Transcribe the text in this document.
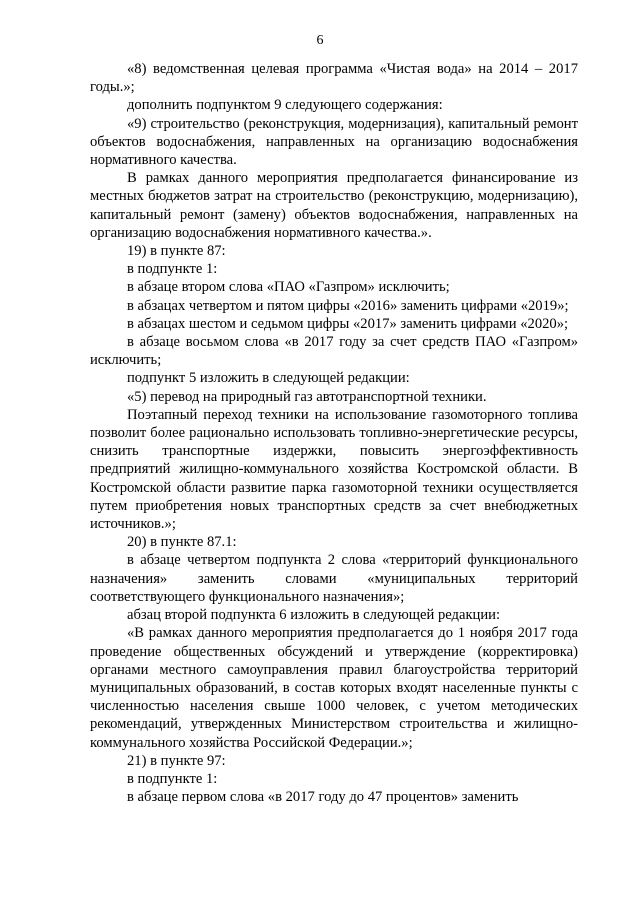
6

«8) ведомственная целевая программа «Чистая вода» на 2014 – 2017 годы.»;

дополнить подпунктом 9 следующего содержания:

«9) строительство (реконструкция, модернизация), капитальный ремонт объектов водоснабжения, направленных на организацию водоснабжения нормативного качества.

В рамках данного мероприятия предполагается финансирование из местных бюджетов затрат на строительство (реконструкцию, модернизацию), капитальный ремонт (замену) объектов водоснабжения, направленных на организацию водоснабжения нормативного качества.».

19) в пункте 87:

в подпункте 1:

в абзаце втором слова «ПАО «Газпром» исключить;

в абзацах четвертом и пятом цифры «2016» заменить цифрами «2019»;

в абзацах шестом и седьмом цифры «2017» заменить цифрами «2020»;

в абзаце восьмом слова «в 2017 году за счет средств ПАО «Газпром» исключить;

подпункт 5 изложить в следующей редакции:

«5) перевод на природный газ автотранспортной техники.

Поэтапный переход техники на использование газомоторного топлива позволит более рационально использовать топливно-энергетические ресурсы, снизить транспортные издержки, повысить энергоэффективность предприятий жилищно-коммунального хозяйства Костромской области. В Костромской области развитие парка газомоторной техники осуществляется путем приобретения новых транспортных средств за счет внебюджетных источников.»;

20) в пункте 87.1:

в абзаце четвертом подпункта 2 слова «территорий функционального назначения» заменить словами «муниципальных территорий соответствующего функционального назначения»;

абзац второй подпункта 6 изложить в следующей редакции:

«В рамках данного мероприятия предполагается до 1 ноября 2017 года проведение общественных обсуждений и утверждение (корректировка) органами местного самоуправления правил благоустройства территорий муниципальных образований, в состав которых входят населенные пункты с численностью населения свыше 1000 человек, с учетом методических рекомендаций, утвержденных Министерством строительства и жилищно-коммунального хозяйства Российской Федерации.»;

21) в пункте 97:

в подпункте 1:

в абзаце первом слова «в 2017 году до 47 процентов» заменить
